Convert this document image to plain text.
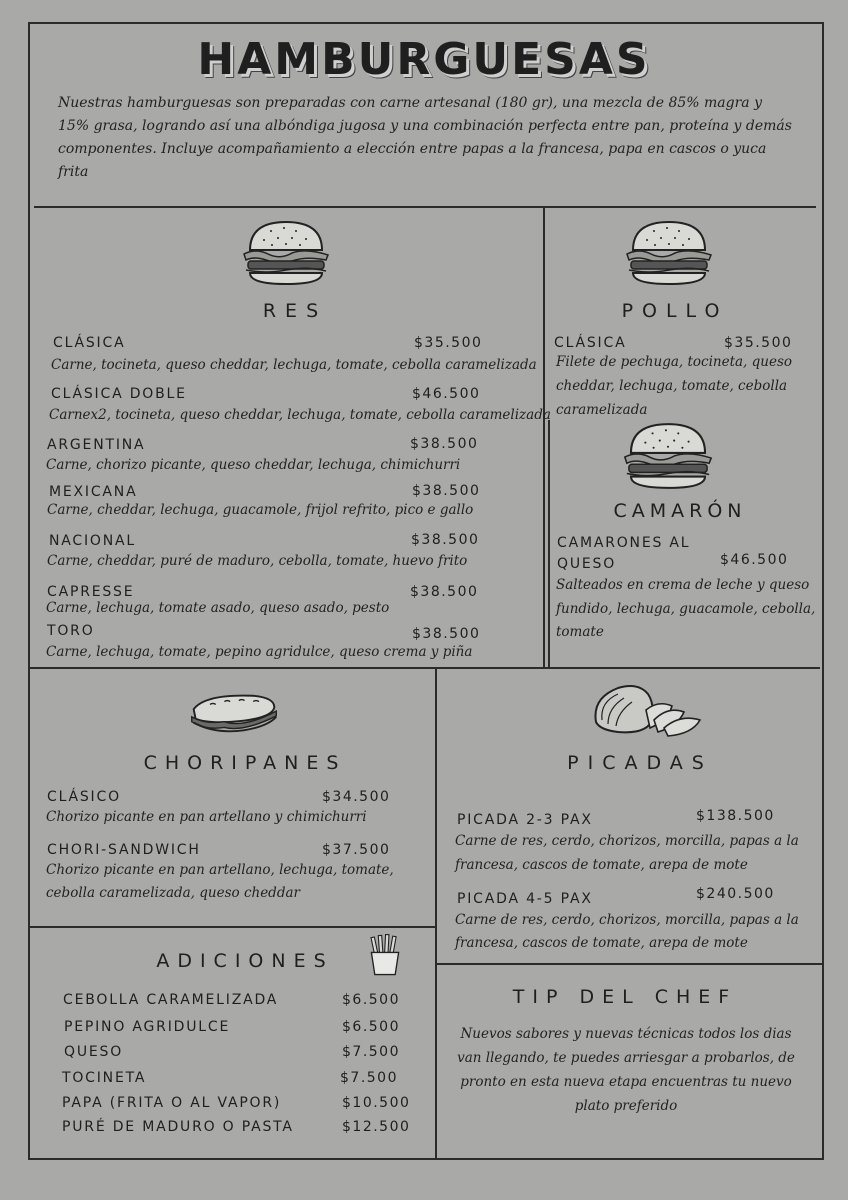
HAMBURGUESAS
Nuestras hamburguesas son preparadas con carne artesanal (180 gr), una mezcla de 85% magra y 15% grasa, logrando así una albóndiga jugosa y una combinación perfecta entre pan, proteína y demás componentes. Incluye acompañamiento a elección entre papas a la francesa, papa en cascos o yuca frita
RES
CLÁSICA	$35.500
Carne, tocineta, queso cheddar, lechuga, tomate, cebolla caramelizada
CLÁSICA DOBLE	$46.500
Carnex2, tocineta, queso cheddar, lechuga, tomate, cebolla caramelizada
ARGENTINA	$38.500
Carne, chorizo picante, queso cheddar, lechuga, chimichurri
MEXICANA	$38.500
Carne, cheddar, lechuga, guacamole, frijol refrito, pico e gallo
NACIONAL	$38.500
Carne, cheddar, puré de maduro, cebolla, tomate, huevo frito
CAPRESSE	$38.500
Carne, lechuga, tomate asado, queso asado, pesto
TORO	$38.500
Carne, lechuga, tomate, pepino agridulce, queso crema y piña
POLLO
CLÁSICA	$35.500
Filete de pechuga, tocineta, queso
cheddar, lechuga, tomate, cebolla
caramelizada
CAMARÓN
CAMARONES AL
QUESO	$46.500
Salteados en crema de leche y queso
fundido, lechuga, guacamole, cebolla,
tomate
CHORIPANES
CLÁSICO	$34.500
Chorizo picante en pan artellano y chimichurri
CHORI-SANDWICH	$37.500
Chorizo picante en pan artellano, lechuga, tomate,
cebolla caramelizada, queso cheddar
PICADAS
PICADA 2-3 PAX	$138.500
Carne de res, cerdo, chorizos, morcilla, papas a la
francesa, cascos de tomate, arepa de mote
PICADA 4-5 PAX	$240.500
Carne de res, cerdo, chorizos, morcilla, papas a la
francesa, cascos de tomate, arepa de mote
ADICIONES
CEBOLLA CARAMELIZADA	$6.500
PEPINO AGRIDULCE	$6.500
QUESO	$7.500
TOCINETA	$7.500
PAPA (FRITA O AL VAPOR)	$10.500
PURÉ DE MADURO O PASTA	$12.500
TIP DEL CHEF
Nuevos sabores y nuevas técnicas todos los dias van llegando, te puedes arriesgar a probarlos, de pronto en esta nueva etapa encuentras tu nuevo plato preferido
